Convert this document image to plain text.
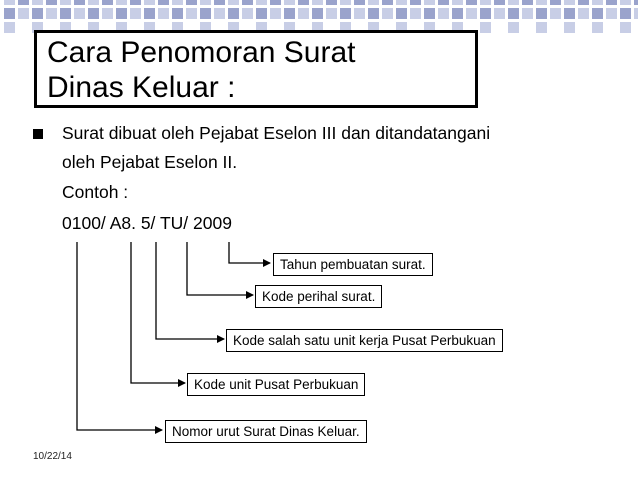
Cara Penomoran Surat
Dinas Keluar :
Surat dibuat oleh Pejabat Eselon III dan ditandatangani
oleh Pejabat Eselon II.
Contoh :
0100/ A8. 5/ TU/ 2009
Tahun pembuatan surat.
Kode perihal surat.
Kode salah satu unit kerja Pusat Perbukuan
Kode unit Pusat Perbukuan
Nomor urut Surat Dinas Keluar.
10/22/14
